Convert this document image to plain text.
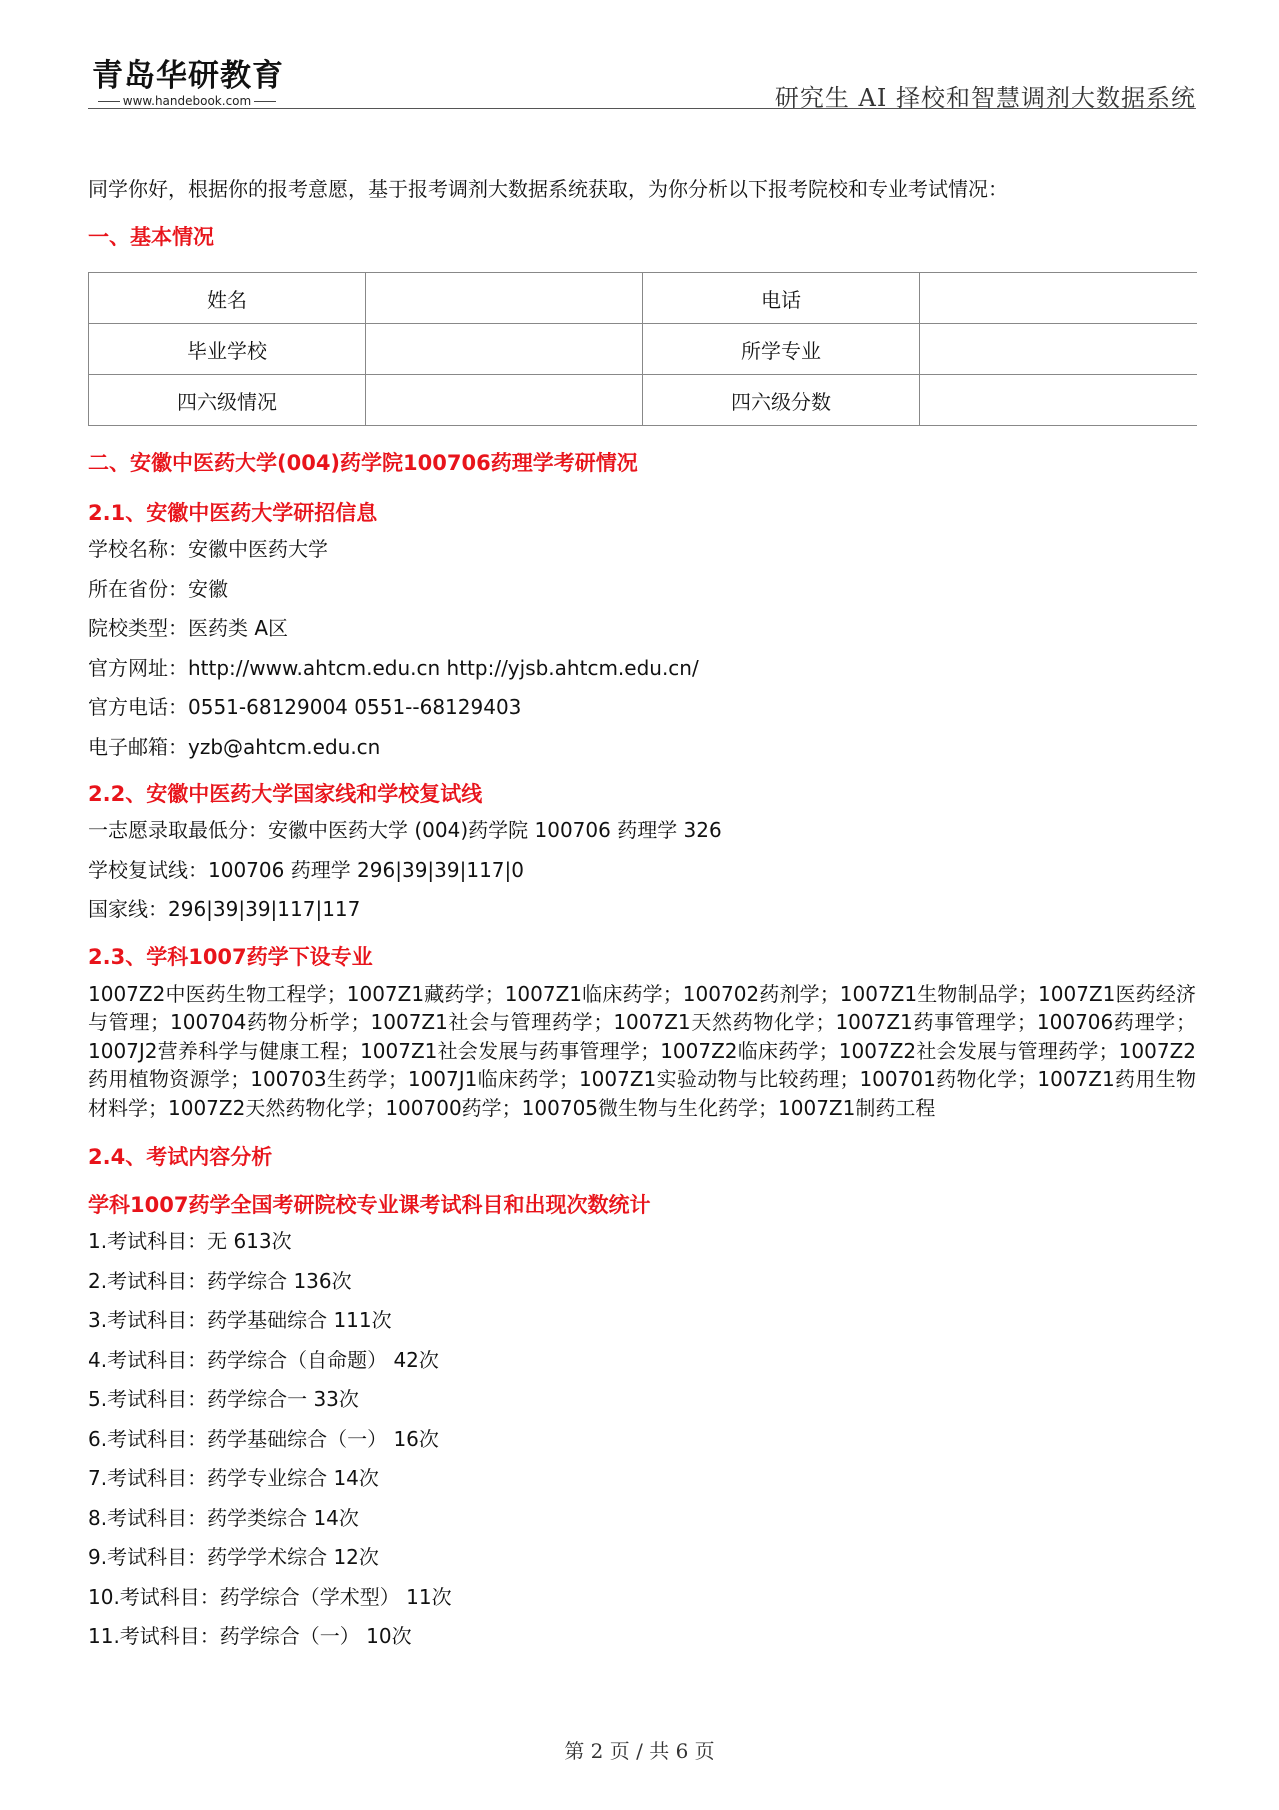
青岛华研教育
www.handebook.com	研究生 AI 择校和智慧调剂大数据系统

同学你好，根据你的报考意愿，基于报考调剂大数据系统获取，为你分析以下报考院校和专业考试情况：

一、基本情况
姓名		电话	
毕业学校		所学专业	
四六级情况		四六级分数	
二、安徽中医药大学(004)药学院100706药理学考研情况
2.1、安徽中医药大学研招信息

学校名称：安徽中医药大学

所在省份：安徽

院校类型：医药类 A区

官方网址：http://www.ahtcm.edu.cn http://yjsb.ahtcm.edu.cn/

官方电话：0551-68129004 0551--68129403

电子邮箱：yzb@ahtcm.edu.cn

2.2、安徽中医药大学国家线和学校复试线

一志愿录取最低分：安徽中医药大学 (004)药学院 100706 药理学 326

学校复试线：100706 药理学 296|39|39|117|0

国家线：296|39|39|117|117

2.3、学科1007药学下设专业

1007Z2中医药生物工程学；1007Z1藏药学；1007Z1临床药学；100702药剂学；1007Z1生物制品学；1007Z1医药经济与管理；100704药物分析学；1007Z1社会与管理药学；1007Z1天然药物化学；1007Z1药事管理学；100706药理学；1007J2营养科学与健康工程；1007Z1社会发展与药事管理学；1007Z2临床药学；1007Z2社会发展与管理药学；1007Z2药用植物资源学；100703生药学；1007J1临床药学；1007Z1实验动物与比较药理；100701药物化学；1007Z1药用生物材料学；1007Z2天然药物化学；100700药学；100705微生物与生化药学；1007Z1制药工程

2.4、考试内容分析
学科1007药学全国考研院校专业课考试科目和出现次数统计

1.考试科目：无 613次

2.考试科目：药学综合 136次

3.考试科目：药学基础综合 111次

4.考试科目：药学综合（自命题） 42次

5.考试科目：药学综合一 33次

6.考试科目：药学基础综合（一） 16次

7.考试科目：药学专业综合 14次

8.考试科目：药学类综合 14次

9.考试科目：药学学术综合 12次

10.考试科目：药学综合（学术型） 11次

11.考试科目：药学综合（一） 10次

第 2 页 / 共 6 页
